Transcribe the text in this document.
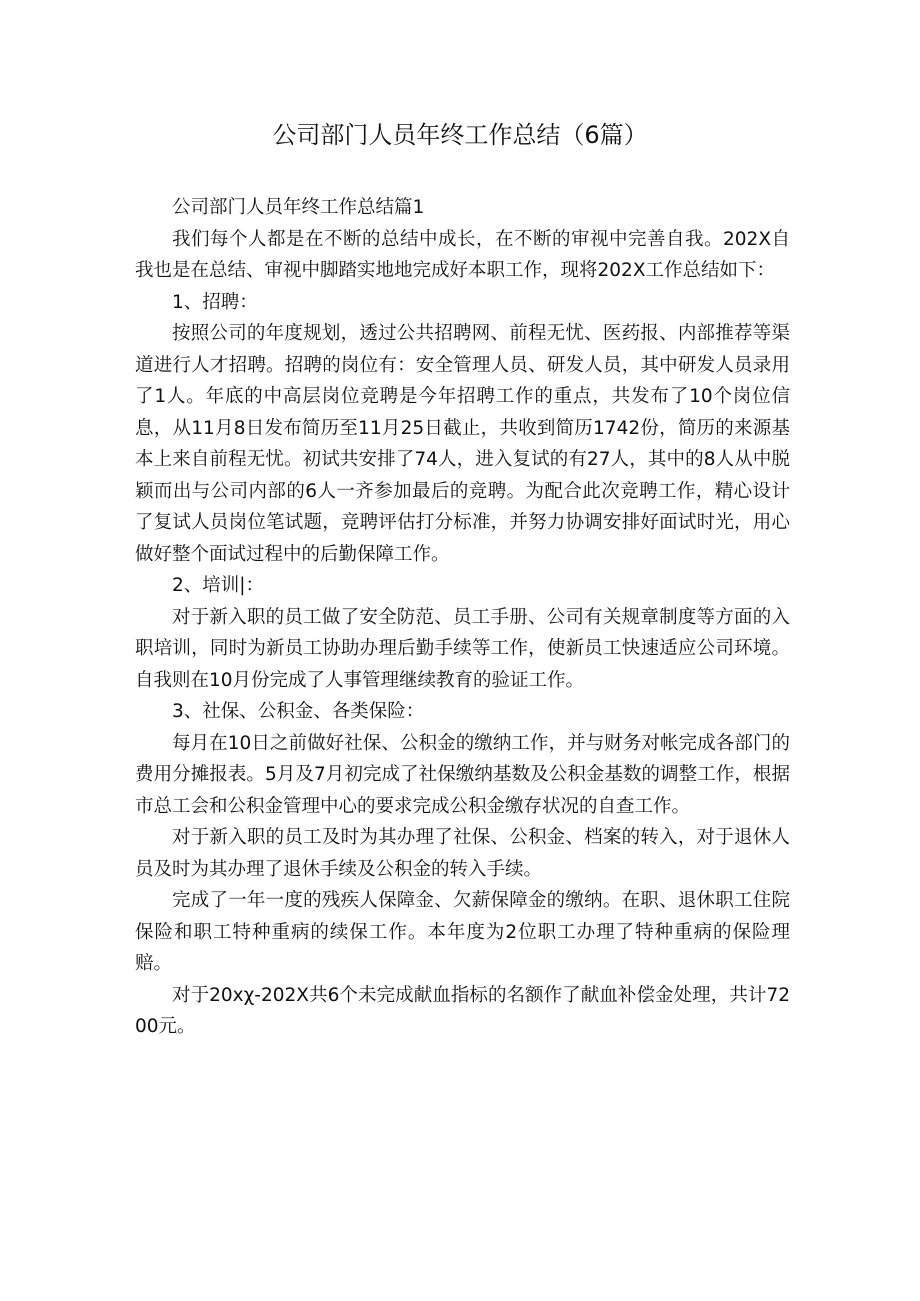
公司部门人员年终工作总结（6篇）

公司部门人员年终工作总结篇1

我们每个人都是在不断的总结中成长，在不断的审视中完善自我。202X自我也是在总结、审视中脚踏实地地完成好本职工作，现将202X工作总结如下：

1、招聘：

按照公司的年度规划，透过公共招聘网、前程无忧、医药报、内部推荐等渠道进行人才招聘。招聘的岗位有：安全管理人员、研发人员，其中研发人员录用了1人。年底的中高层岗位竞聘是今年招聘工作的重点，共发布了10个岗位信息，从11月8日发布简历至11月25日截止，共收到简历1742份，简历的来源基本上来自前程无忧。初试共安排了74人，进入复试的有27人，其中的8人从中脱颖而出与公司内部的6人一齐参加最后的竞聘。为配合此次竞聘工作，精心设计了复试人员岗位笔试题，竞聘评估打分标准，并努力协调安排好面试时光，用心做好整个面试过程中的后勤保障工作。

2、培训|：

对于新入职的员工做了安全防范、员工手册、公司有关规章制度等方面的入职培训，同时为新员工协助办理后勤手续等工作，使新员工快速适应公司环境。自我则在10月份完成了人事管理继续教育的验证工作。

3、社保、公积金、各类保险：

每月在10日之前做好社保、公积金的缴纳工作，并与财务对帐完成各部门的费用分摊报表。5月及7月初完成了社保缴纳基数及公积金基数的调整工作，根据市总工会和公积金管理中心的要求完成公积金缴存状况的自查工作。

对于新入职的员工及时为其办理了社保、公积金、档案的转入，对于退休人员及时为其办理了退休手续及公积金的转入手续。

完成了一年一度的残疾人保障金、欠薪保障金的缴纳。在职、退休职工住院保险和职工特种重病的续保工作。本年度为2位职工办理了特种重病的保险理赔。

对于20xχ-202X共6个未完成献血指标的名额作了献血补偿金处理，共计7200元。
